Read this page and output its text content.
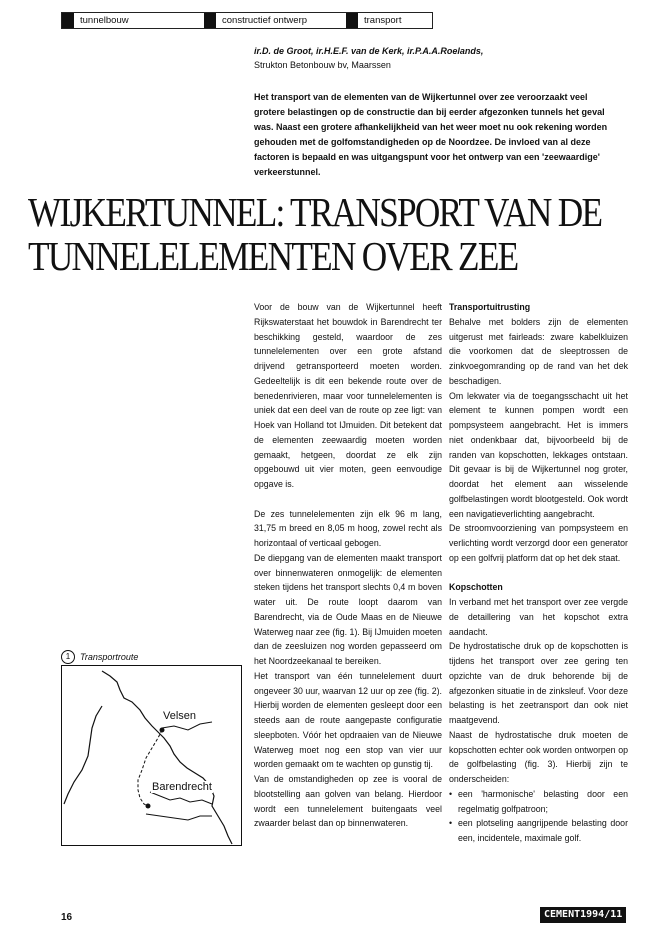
tunnelbouw	constructief ontwerp	transport
ir.D. de Groot, ir.H.E.F. van de Kerk, ir.P.A.A.Roelands,
Strukton Betonbouw bv, Maarssen
Het transport van de elementen van de Wijkertunnel over zee veroorzaakt veel grotere belastingen op de constructie dan bij eerder afgezonken tunnels het geval was. Naast een grotere afhankelijkheid van het weer moet nu ook rekening worden gehouden met de golfomstandigheden op de Noordzee. De invloed van al deze factoren is bepaald en was uitgangspunt voor het ontwerp van een 'zeewaardige' verkeerstunnel.
WIJKERTUNNEL: TRANSPORT VAN DE
TUNNELELEMENTEN OVER ZEE

Voor de bouw van de Wijkertunnel heeft Rijkswaterstaat het bouwdok in Barendrecht ter beschikking gesteld, waardoor de zes tunnelelementen over een grote afstand drijvend getransporteerd moeten worden. Gedeeltelijk is dit een bekende route over de benedenrivieren, maar voor tunnelelementen is uniek dat een deel van de route op zee ligt: van Hoek van Holland tot IJmuiden. Dit betekent dat de elementen zeewaardig moeten worden gemaakt, hetgeen, doordat ze elk zijn opgebouwd uit vier moten, geen eenvoudige opgave is.

De zes tunnelelementen zijn elk 96 m lang, 31,75 m breed en 8,05 m hoog, zowel recht als horizontaal of verticaal gebogen.

De diepgang van de elementen maakt transport over binnenwateren onmogelijk: de elementen steken tijdens het transport slechts 0,4 m boven water uit. De route loopt daarom van Barendrecht, via de Oude Maas en de Nieuwe Waterweg naar zee (fig. 1). Bij IJmuiden moeten dan de zeesluizen nog worden gepasseerd om het Noordzeekanaal te bereiken.

Het transport van één tunnelelement duurt ongeveer 30 uur, waarvan 12 uur op zee (fig. 2). Hierbij worden de elementen gesleept door een steeds aan de route aangepaste configuratie sleepboten. Vóór het opdraaien van de Nieuwe Waterweg moet nog een stop van vier uur worden gemaakt om te wachten op gunstig tij.

Van de omstandigheden op zee is vooral de blootstelling aan golven van belang. Hierdoor wordt een tunnelelement buitengaats veel zwaarder belast dan op binnenwateren.

Transportuitrusting

Behalve met bolders zijn de elementen uitgerust met fairleads: zware kabelkluizen die voorkomen dat de sleeptrossen de zinkvoegomranding op de rand van het dek beschadigen.

Om lekwater via de toegangsschacht uit het element te kunnen pompen wordt een pompsysteem aangebracht. Het is immers niet ondenkbaar dat, bijvoorbeeld bij de randen van kopschotten, lekkages ontstaan. Dit gevaar is bij de Wijkertunnel nog groter, doordat het element aan wisselende golfbelastingen wordt blootgesteld. Ook wordt een navigatieverlichting aangebracht.

De stroomvoorziening van pompsysteem en verlichting wordt verzorgd door een generator op een golfvrij platform dat op het dek staat.

Kopschotten

In verband met het transport over zee vergde de detaillering van het kopschot extra aandacht.

De hydrostatische druk op de kopschotten is tijdens het transport over zee gering ten opzichte van de druk behorende bij de afgezonken situatie in de zinksleuf. Voor deze belasting is het zeetransport dan ook niet maatgevend.

Naast de hydrostatische druk moeten de kopschotten echter ook worden ontworpen op de golfbelasting (fig. 3). Hierbij zijn te onderscheiden:

• een 'harmonische' belasting door een regelmatig golfpatroon;
• een plotseling aangrijpende belasting door een, incidentele, maximale golf.
1	Transportroute
Velsen
Barendrecht
16	CEMENT1994/11
